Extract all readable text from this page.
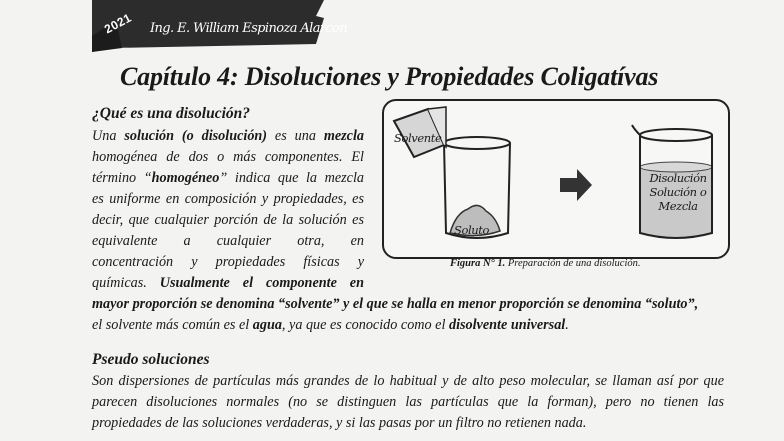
2021 Ing. E. William Espinoza Alarcon
Capítulo 4: Disoluciones y Propiedades Coligatívas
¿Qué es una disolución?

Una solución (o disolución) es una mezcla

homogénea de dos o más componentes. El

término “homogéneo” indica que la mezcla

es uniforme en composición y propiedades, es

decir, que cualquier porción de la solución es

equivalente a cualquier otra, en

concentración y propiedades físicas y

químicas. Usualmente el componente en

mayor proporción se denomina “solvente” y el que se halla en menor proporción se denomina “soluto”,
el solvente más común es el agua, ya que es conocido como el disolvente universal.
Solvente
Soluto
Disolución
Solución o
Mezcla
Figura N° 1. Preparación de una disolución.
Pseudo soluciones

Son dispersiones de partículas más grandes de lo habitual y de alto peso molecular, se llaman así por que

parecen disoluciones normales (no se distinguen las partículas que la forman), pero no tienen las

propiedades de las soluciones verdaderas, y si las pasas por un filtro no retienen nada.
